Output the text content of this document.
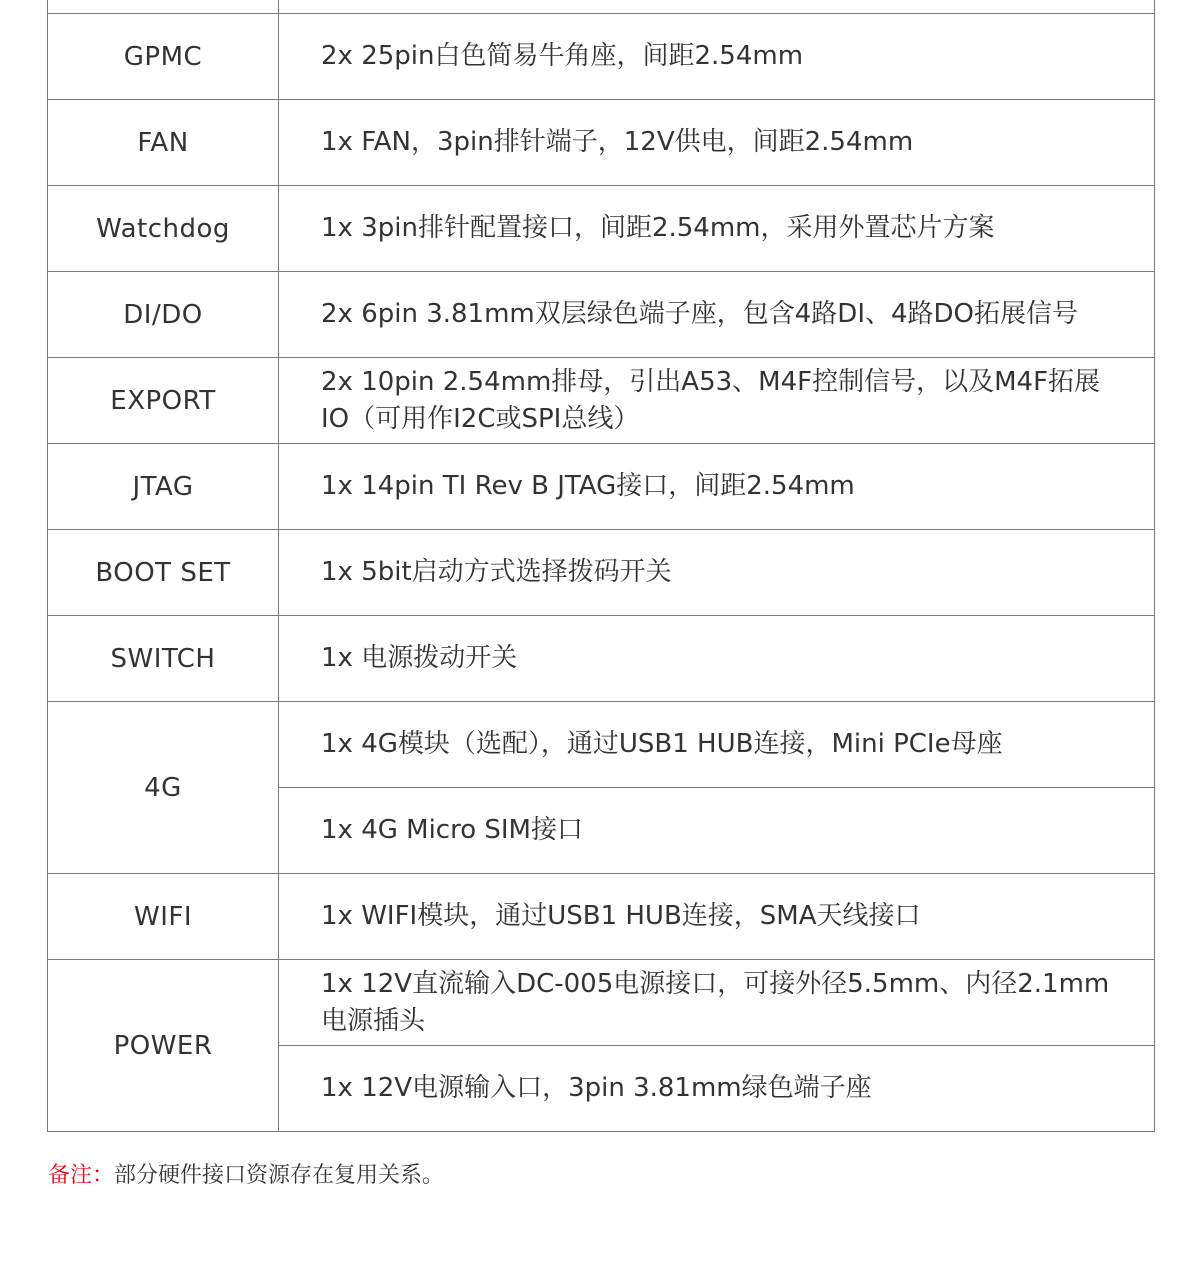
GPMC	2x 25pin白色简易牛角座，间距2.54mm
FAN	1x FAN，3pin排针端子，12V供电，间距2.54mm
Watchdog	1x 3pin排针配置接口，间距2.54mm，采用外置芯片方案
DI/DO	2x 6pin 3.81mm双层绿色端子座，包含4路DI、4路DO拓展信号
EXPORT	2x 10pin 2.54mm排母，引出A53、M4F控制信号，以及M4F拓展IO（可用作I2C或SPI总线）
JTAG	1x 14pin TI Rev B JTAG接口，间距2.54mm
BOOT SET	1x 5bit启动方式选择拨码开关
SWITCH	1x 电源拨动开关
4G	1x 4G模块（选配），通过USB1 HUB连接，Mini PCIe母座
	1x 4G Micro SIM接口
WIFI	1x WIFI模块，通过USB1 HUB连接，SMA天线接口
POWER	1x 12V直流输入DC-005电源接口，可接外径5.5mm、内径2.1mm电源插头
	1x 12V电源输入口，3pin 3.81mm绿色端子座
备注：部分硬件接口资源存在复用关系。
